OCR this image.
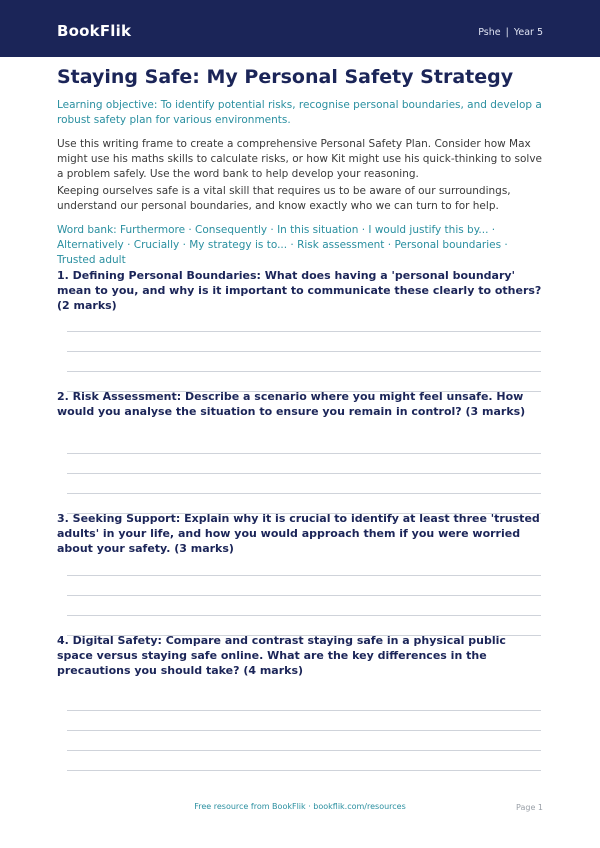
BookFlik	Pshe | Year 5
Staying Safe: My Personal Safety Strategy

Learning objective: To identify potential risks, recognise personal boundaries, and develop a robust safety plan for various environments.

Use this writing frame to create a comprehensive Personal Safety Plan. Consider how Max might use his maths skills to calculate risks, or how Kit might use his quick-thinking to solve a problem safely. Use the word bank to help develop your reasoning.

Keeping ourselves safe is a vital skill that requires us to be aware of our surroundings, understand our personal boundaries, and know exactly who we can turn to for help.

Word bank: Furthermore · Consequently · In this situation · I would justify this by... · Alternatively · Crucially · My strategy is to... · Risk assessment · Personal boundaries · Trusted adult

1. Defining Personal Boundaries: What does having a 'personal boundary' mean to you, and why is it important to communicate these clearly to others? (2 marks)

2. Risk Assessment: Describe a scenario where you might feel unsafe. How would you analyse the situation to ensure you remain in control? (3 marks)

3. Seeking Support: Explain why it is crucial to identify at least three 'trusted adults' in your life, and how you would approach them if you were worried about your safety. (3 marks)

4. Digital Safety: Compare and contrast staying safe in a physical public space versus staying safe online. What are the key differences in the precautions you should take? (4 marks)

Free resource from BookFlik · bookflik.com/resources	Page 1
